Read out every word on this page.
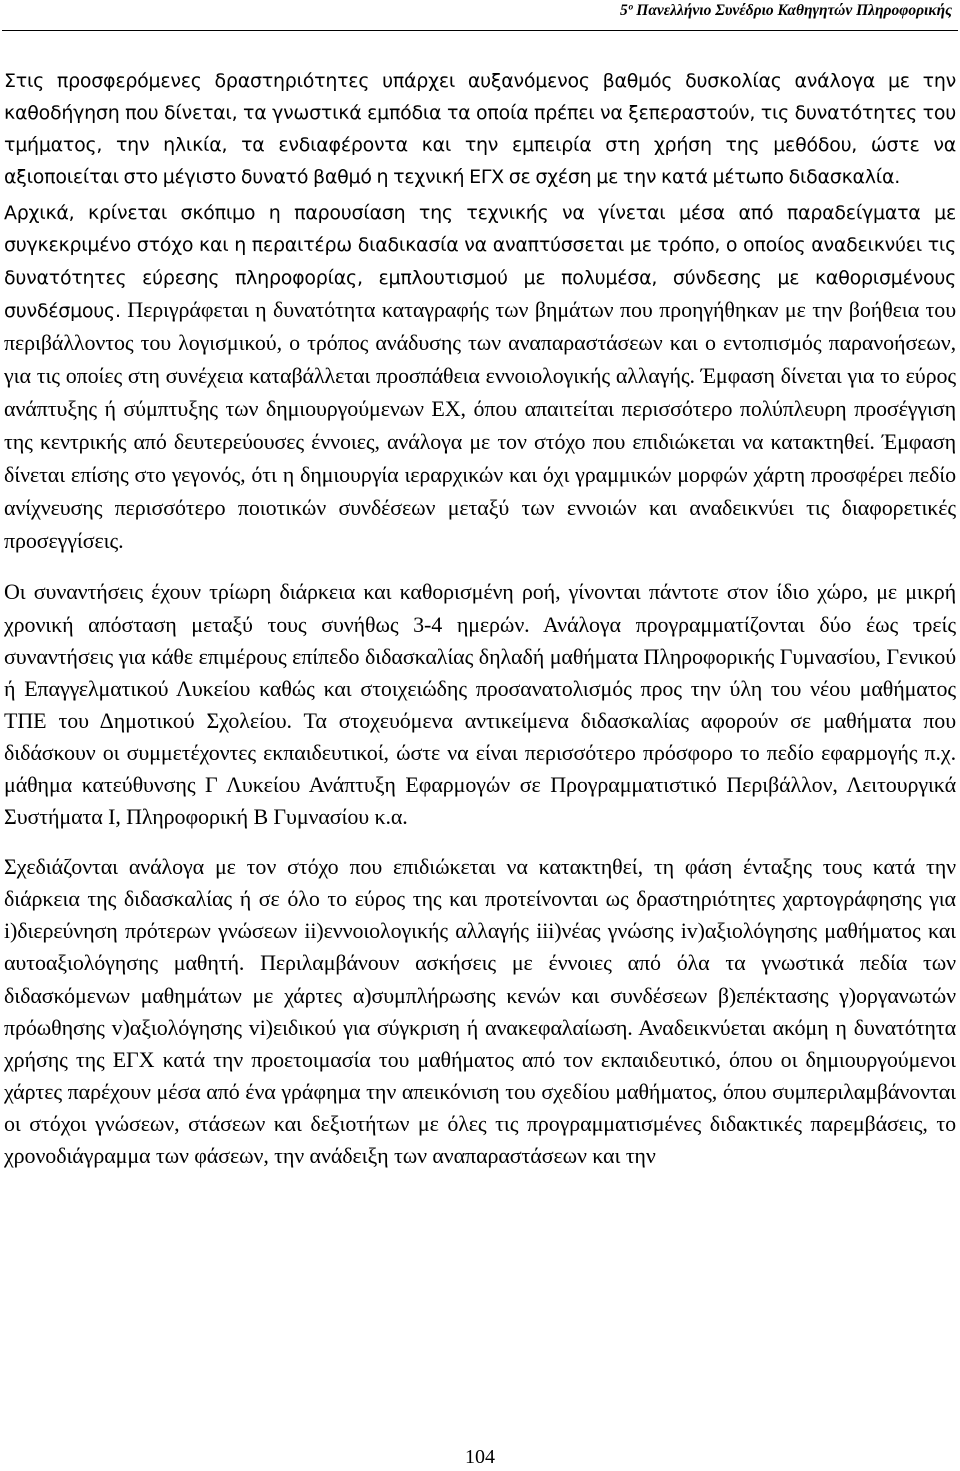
5º Πανελλήνιο Συνέδριο Καθηγητών Πληροφορικής

Στις προσφερόμενες δραστηριότητες υπάρχει αυξανόμενος βαθμός δυσκολίας ανάλογα με την καθοδήγηση που δίνεται, τα γνωστικά εμπόδια τα οποία πρέπει να ξεπεραστούν, τις δυνατότητες του τμήματος, την ηλικία, τα ενδιαφέροντα και την εμπειρία στη χρήση της μεθόδου, ώστε να αξιοποιείται στο μέγιστο δυνατό βαθμό η τεχνική ΕΓΧ σε σχέση με την κατά μέτωπο διδασκαλία.

Αρχικά, κρίνεται σκόπιμο η παρουσίαση της τεχνικής να γίνεται μέσα από παραδείγματα με συγκεκριμένο στόχο και η περαιτέρω διαδικασία να αναπτύσσεται με τρόπο, ο οποίος αναδεικνύει τις δυνατότητες εύρεσης πληροφορίας, εμπλουτισμού με πολυμέσα, σύνδεσης με καθορισμένους συνδέσμους. Περιγράφεται η δυνατότητα καταγραφής των βημάτων που προηγήθηκαν με την βοήθεια του περιβάλλοντος του λογισμικού, ο τρόπος ανάδυσης των αναπαραστάσεων και ο εντοπισμός παρανοήσεων, για τις οποίες στη συνέχεια καταβάλλεται προσπάθεια εννοιολογικής αλλαγής. Έμφαση δίνεται για το εύρος ανάπτυξης ή σύμπτυξης των δημιουργούμενων ΕΧ, όπου απαιτείται περισσότερο πολύπλευρη προσέγγιση της κεντρικής από δευτερεύουσες έννοιες, ανάλογα με τον στόχο που επιδιώκεται να κατακτηθεί. Έμφαση δίνεται επίσης στο γεγονός, ότι η δημιουργία ιεραρχικών και όχι γραμμικών μορφών χάρτη προσφέρει πεδίο ανίχνευσης περισσότερο ποιοτικών συνδέσεων μεταξύ των εννοιών και αναδεικνύει τις διαφορετικές προσεγγίσεις.

Οι συναντήσεις έχουν τρίωρη διάρκεια και καθορισμένη ροή, γίνονται πάντοτε στον ίδιο χώρο, με μικρή χρονική απόσταση μεταξύ τους συνήθως 3-4 ημερών. Ανάλογα προγραμματίζονται δύο έως τρείς συναντήσεις για κάθε επιμέρους επίπεδο διδασκαλίας δηλαδή μαθήματα Πληροφορικής Γυμνασίου, Γενικού ή Επαγγελματικού Λυκείου καθώς και στοιχειώδης προσανατολισμός προς την ύλη του νέου μαθήματος ΤΠΕ του Δημοτικού Σχολείου. Τα στοχευόμενα αντικείμενα διδασκαλίας αφορούν σε μαθήματα που διδάσκουν οι συμμετέχοντες εκπαιδευτικοί, ώστε να είναι περισσότερο πρόσφορο το πεδίο εφαρμογής π.χ. μάθημα κατεύθυνσης Γ Λυκείου Ανάπτυξη Εφαρμογών σε Προγραμματιστικό Περιβάλλον, Λειτουργικά Συστήματα Ι, Πληροφορική Β Γυμνασίου κ.α.

Σχεδιάζονται ανάλογα με τον στόχο που επιδιώκεται να κατακτηθεί, τη φάση ένταξης τους κατά την διάρκεια της διδασκαλίας ή σε όλο το εύρος της και προτείνονται ως δραστηριότητες χαρτογράφησης για i)διερεύνηση πρότερων γνώσεων ii)εννοιολογικής αλλαγής iii)νέας γνώσης iv)αξιολόγησης μαθήματος και αυτοαξιολόγησης μαθητή. Περιλαμβάνουν ασκήσεις με έννοιες από όλα τα γνωστικά πεδία των διδασκόμενων μαθημάτων με χάρτες α)συμπλήρωσης κενών και συνδέσεων β)επέκτασης γ)οργανωτών πρόωθησης v)αξιολόγησης vi)ειδικού για σύγκριση ή ανακεφαλαίωση. Αναδεικνύεται ακόμη η δυνατότητα χρήσης της ΕΓΧ κατά την προετοιμασία του μαθήματος από τον εκπαιδευτικό, όπου οι δημιουργούμενοι χάρτες παρέχουν μέσα από ένα γράφημα την απεικόνιση του σχεδίου μαθήματος, όπου συμπεριλαμβάνονται οι στόχοι γνώσεων, στάσεων και δεξιοτήτων με όλες τις προγραμματισμένες διδακτικές παρεμβάσεις, το χρονοδιάγραμμα των φάσεων, την ανάδειξη των αναπαραστάσεων και την

104
